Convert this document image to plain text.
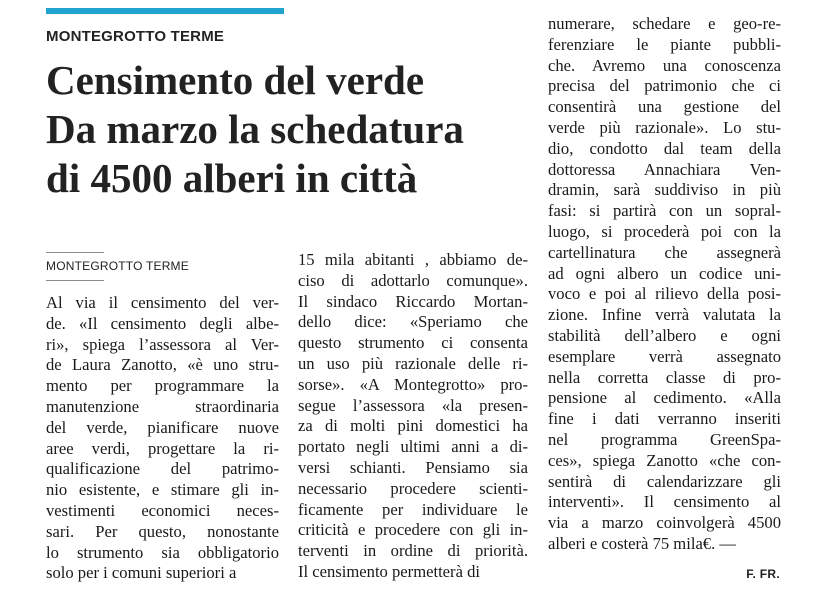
MONTEGROTTO TERME
Censimento del verde
Da marzo la schedatura
di 4500 alberi in città
MONTEGROTTO TERME
Al via il censimento del ver-
de. «Il censimento degli albe-
ri», spiega l’assessora al Ver-
de Laura Zanotto, «è uno stru-
mento per programmare la
manutenzione straordinaria
del verde, pianificare nuove
aree verdi, progettare la ri-
qualificazione del patrimo-
nio esistente, e stimare gli in-
vestimenti economici neces-
sari. Per questo, nonostante
lo strumento sia obbligatorio
solo per i comuni superiori a
15 mila abitanti , abbiamo de-
ciso di adottarlo comunque».
Il sindaco Riccardo Mortan-
dello dice: «Speriamo che
questo strumento ci consenta
un uso più razionale delle ri-
sorse». «A Montegrotto» pro-
segue l’assessora «la presen-
za di molti pini domestici ha
portato negli ultimi anni a di-
versi schianti. Pensiamo sia
necessario procedere scienti-
ficamente per individuare le
criticità e procedere con gli in-
terventi in ordine di priorità.
Il censimento permetterà di
numerare, schedare e geo-re-
ferenziare le piante pubbli-
che. Avremo una conoscenza
precisa del patrimonio che ci
consentirà una gestione del
verde più razionale». Lo stu-
dio, condotto dal team della
dottoressa Annachiara Ven-
dramin, sarà suddiviso in più
fasi: si partirà con un sopral-
luogo, si procederà poi con la
cartellinatura che assegnerà
ad ogni albero un codice uni-
voco e poi al rilievo della posi-
zione. Infine verrà valutata la
stabilità dell’albero e ogni
esemplare verrà assegnato
nella corretta classe di pro-
pensione al cedimento. «Alla
fine i dati verranno inseriti
nel programma GreenSpa-
ces», spiega Zanotto «che con-
sentirà di calendarizzare gli
interventi». Il censimento al
via a marzo coinvolgerà 4500
alberi e costerà 75 mila€. —
F. FR.
